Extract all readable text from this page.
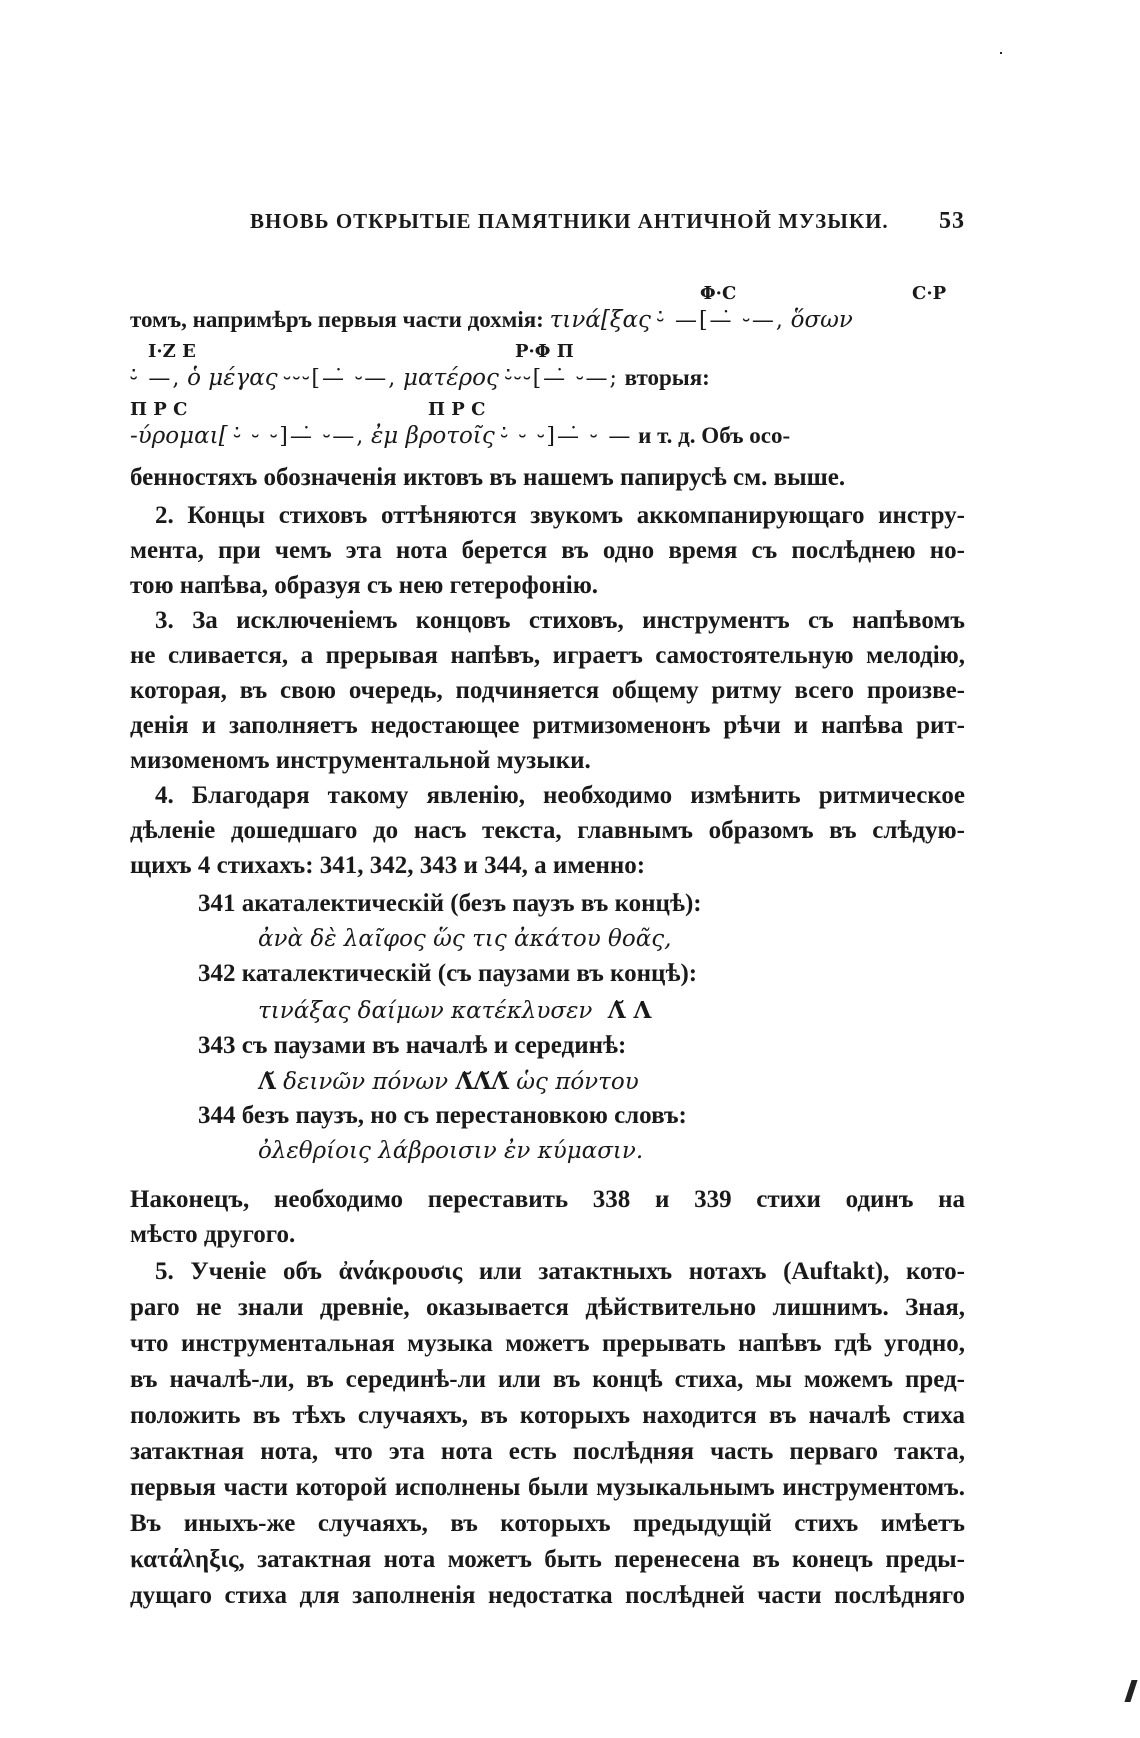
ВНОВЬ ОТКРЫТЫЕ ПАМЯТНИКИ АНТИЧНОЙ МУЗЫКИ. 53
Φ·C	C·P
томъ, напримѣръ первыя части дохмія: τινά[ξας ⏑̇ —[—̇ ⏑—, ὅσων
I·Z E	P·Φ Π
⏑̇ —, ὁ μέγας ⏑⏑⏑[—̇ ⏑—, ματέρος ⏑̇⏑⏑[—̇ ⏑—; вторыя:
Π P C	Π P C
-ύρομαι[ ⏑̇ ⏑ ⏑]—̇ ⏑—, ἐμ βροτοῖς ⏑̇ ⏑ ⏑]—̇ ⏑ — и т. д. Объ осо-
бенностяхъ обозначенія иктовъ въ нашемъ папирусѣ см. выше.
2. Концы стиховъ оттѣняются звукомъ аккомпанирующаго инстру-
мента, при чемъ эта нота берется въ одно время съ послѣднею но-
тою напѣва, образуя съ нею гетерофонію.
3. За исключеніемъ концовъ стиховъ, инструментъ съ напѣвомъ
не сливается, а прерывая напѣвъ, играетъ самостоятельную мелодію,
которая, въ свою очередь, подчиняется общему ритму всего произве-
денія и заполняетъ недостающее ритмизоменонъ рѣчи и напѣва рит-
мизоменомъ инструментальной музыки.
4. Благодаря такому явленію, необходимо измѣнить ритмическое
дѣленіе дошедшаго до насъ текста, главнымъ образомъ въ слѣдую-
щихъ 4 стихахъ: 341, 342, 343 и 344, а именно:
341 акаталектическій (безъ паузъ въ концѣ):
ἀνὰ δὲ λαῖφος ὥς τις ἀκάτου θοᾶς,
342 каталектическій (съ паузами въ концѣ):
τινάξας δαίμων κατέκλυσεν Λ̆ Λ
343 съ паузами въ началѣ и серединѣ:
Λ̆ δεινῶν πόνων Λ̆Λ̆Λ̆ ὡς πόντου
344 безъ паузъ, но съ перестановкою словъ:
ὀλεθρίοις λάβροισιν ἐν κύμασιν.
Наконецъ, необходимо переставить 338 и 339 стихи одинъ на
мѣсто другого.
5. Ученіе объ ἀνάκρουσις или затактныхъ нотахъ (Auftakt), кото-
раго не знали древніе, оказывается дѣйствительно лишнимъ. Зная,
что инструментальная музыка можетъ прерывать напѣвъ гдѣ угодно,
въ началѣ-ли, въ серединѣ-ли или въ концѣ стиха, мы можемъ пред-
положить въ тѣхъ случаяхъ, въ которыхъ находится въ началѣ стиха
затактная нота, что эта нота есть послѣдняя часть перваго такта,
первыя части которой исполнены были музыкальнымъ инструментомъ.
Въ иныхъ-же случаяхъ, въ которыхъ предыдущій стихъ имѣетъ
κατάληξις, затактная нота можетъ быть перенесена въ конецъ преды-
дущаго стиха для заполненія недостатка послѣдней части послѣдняго
